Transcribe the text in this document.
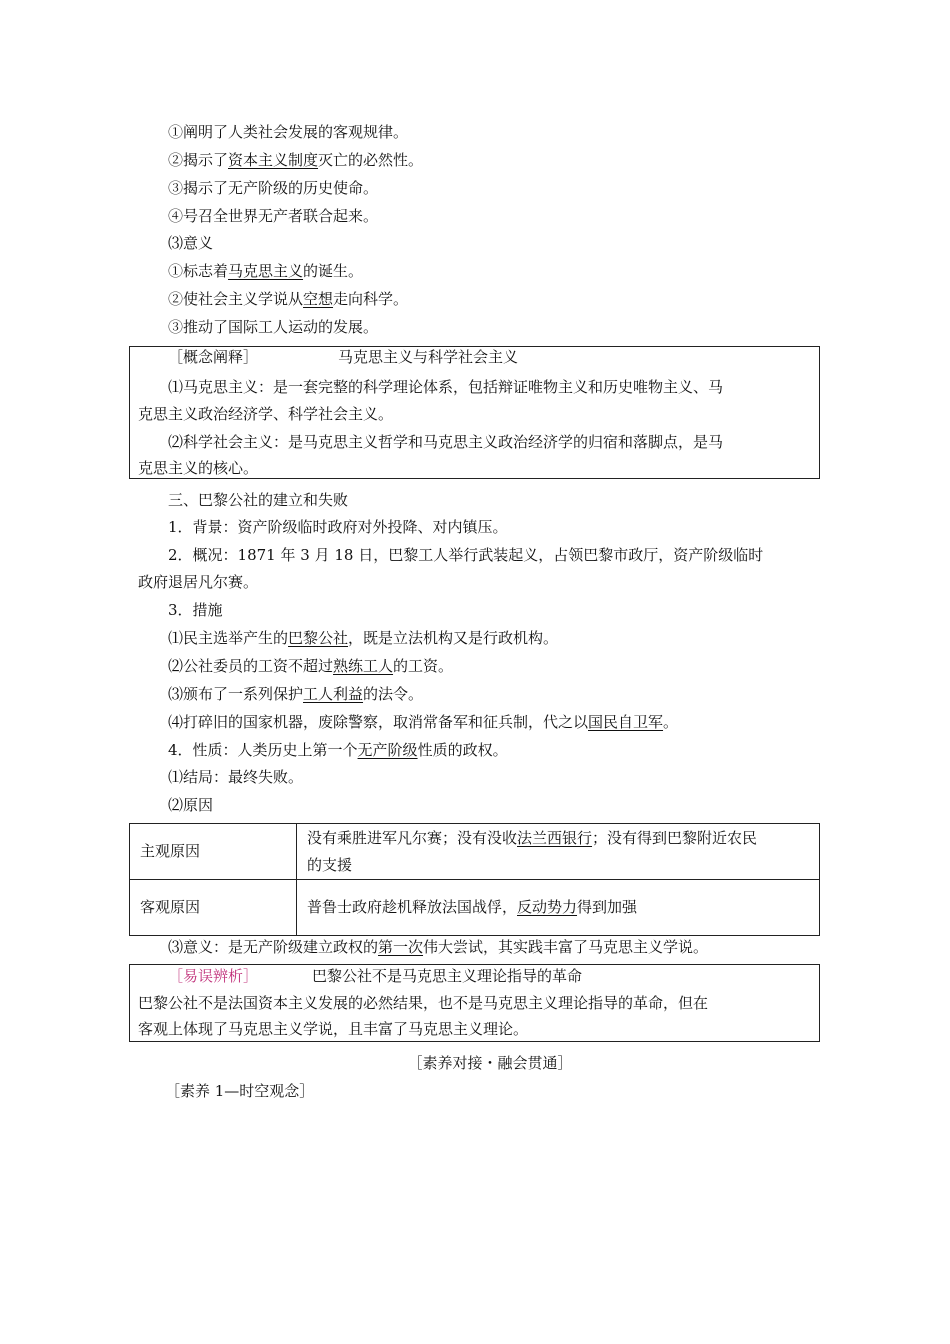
①阐明了人类社会发展的客观规律。
②揭示了资本主义制度灭亡的必然性。
③揭示了无产阶级的历史使命。
④号召全世界无产者联合起来。
⑶意义
①标志着马克思主义的诞生。
②使社会主义学说从空想走向科学。
③推动了国际工人运动的发展。
［概念阐释］	马克思主义与科学社会主义
⑴马克思主义：是一套完整的科学理论体系，包括辩证唯物主义和历史唯物主义、马
克思主义政治经济学、科学社会主义。
⑵科学社会主义：是马克思主义哲学和马克思主义政治经济学的归宿和落脚点，是马
克思主义的核心。
三、巴黎公社的建立和失败
1．背景：资产阶级临时政府对外投降、对内镇压。
2．概况：1871 年 3 月 18 日，巴黎工人举行武装起义，占领巴黎市政厅，资产阶级临时
政府退居凡尔赛。
3．措施
⑴民主选举产生的巴黎公社，既是立法机构又是行政机构。
⑵公社委员的工资不超过熟练工人的工资。
⑶颁布了一系列保护工人利益的法令。
⑷打碎旧的国家机器，废除警察，取消常备军和征兵制，代之以国民自卫军。
4．性质：人类历史上第一个无产阶级性质的政权。
⑴结局：最终失败。
⑵原因
主观原因	没有乘胜进军凡尔赛；没有没收法兰西银行；没有得到巴黎附近农民
的支援
客观原因	普鲁士政府趁机释放法国战俘，反动势力得到加强
⑶意义：是无产阶级建立政权的第一次伟大尝试，其实践丰富了马克思主义学说。
［易误辨析］	巴黎公社不是马克思主义理论指导的革命
巴黎公社不是法国资本主义发展的必然结果，也不是马克思主义理论指导的革命，但在
客观上体现了马克思主义学说，且丰富了马克思主义理论。
［素养对接・融会贯通］
［素养 1—时空观念］
